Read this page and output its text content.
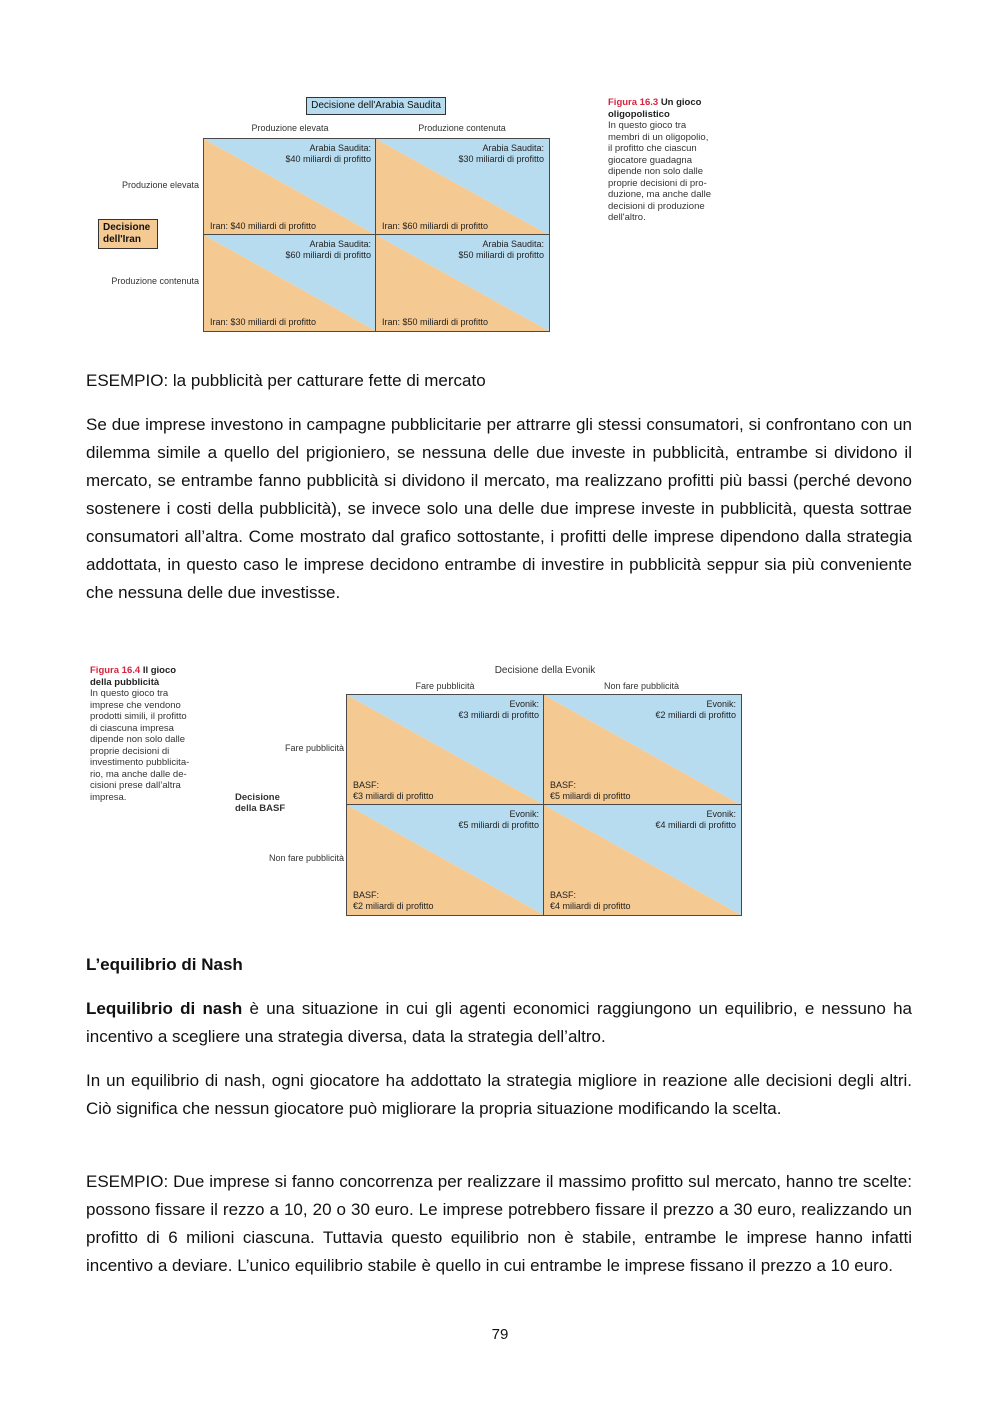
Decisione dell'Arabia Saudita
Produzione elevata	Produzione contenuta
Produzione elevata
Produzione contenuta
Decisione
dell'Iran
Arabia Saudita:
$40 miliardi di profitto
Iran: $40 miliardi di profitto
Arabia Saudita:
$30 miliardi di profitto
Iran: $60 miliardi di profitto
Arabia Saudita:
$60 miliardi di profitto
Iran: $30 miliardi di profitto
Arabia Saudita:
$50 miliardi di profitto
Iran: $50 miliardi di profitto
Figura 16.3 Un gioco
oligopolistico
In questo gioco tra
membri di un oligopolio,
il profitto che ciascun
giocatore guadagna
dipende non solo dalle
proprie decisioni di pro-
duzione, ma anche dalle
decisioni di produzione
dell'altro.
ESEMPIO: la pubblicità per catturare fette di mercato
Se due imprese investono in campagne pubblicitarie per attrarre gli stessi consumatori, si confrontano con un dilemma simile a quello del prigioniero, se nessuna delle due investe in pubblicità, entrambe si dividono il mercato, se entrambe fanno pubblicità si dividono il mercato, ma realizzano profitti più bassi (perché devono sostenere i costi della pubblicità), se invece solo una delle due imprese investe in pubblicità, questa sottrae consumatori all’altra. Come mostrato dal grafico sottostante, i profitti delle imprese dipendono dalla strategia addottata, in questo caso le imprese decidono entrambe di investire in pubblicità seppur sia più conveniente che nessuna delle due investisse.
Figura 16.4 Il gioco
della pubblicità
In questo gioco tra
imprese che vendono
prodotti simili, il profitto
di ciascuna impresa
dipende non solo dalle
proprie decisioni di
investimento pubblicita-
rio, ma anche dalle de-
cisioni prese dall’altra
impresa.
Decisione della Evonik
Fare pubblicità	Non fare pubblicità
Fare pubblicità
Non fare pubblicità
Decisione
della BASF
Evonik:
€3 miliardi di profitto
BASF:
€3 miliardi di profitto
Evonik:
€2 miliardi di profitto
BASF:
€5 miliardi di profitto
Evonik:
€5 miliardi di profitto
BASF:
€2 miliardi di profitto
Evonik:
€4 miliardi di profitto
BASF:
€4 miliardi di profitto
L’equilibrio di Nash
Lequilibrio di nash è una situazione in cui gli agenti economici raggiungono un equilibrio, e nessuno ha incentivo a scegliere una strategia diversa, data la strategia dell’altro.
In un equilibrio di nash, ogni giocatore ha addottato la strategia migliore in reazione alle decisioni degli altri. Ciò significa che nessun giocatore può migliorare la propria situazione modificando la scelta.
ESEMPIO: Due imprese si fanno concorrenza per realizzare il massimo profitto sul mercato, hanno tre scelte: possono fissare il rezzo a 10, 20 o 30 euro. Le imprese potrebbero fissare il prezzo a 30 euro, realizzando un profitto di 6 milioni ciascuna. Tuttavia questo equilibrio non è stabile, entrambe le imprese hanno infatti incentivo a deviare. L’unico equilibrio stabile è quello in cui entrambe le imprese fissano il prezzo a 10 euro.
79
